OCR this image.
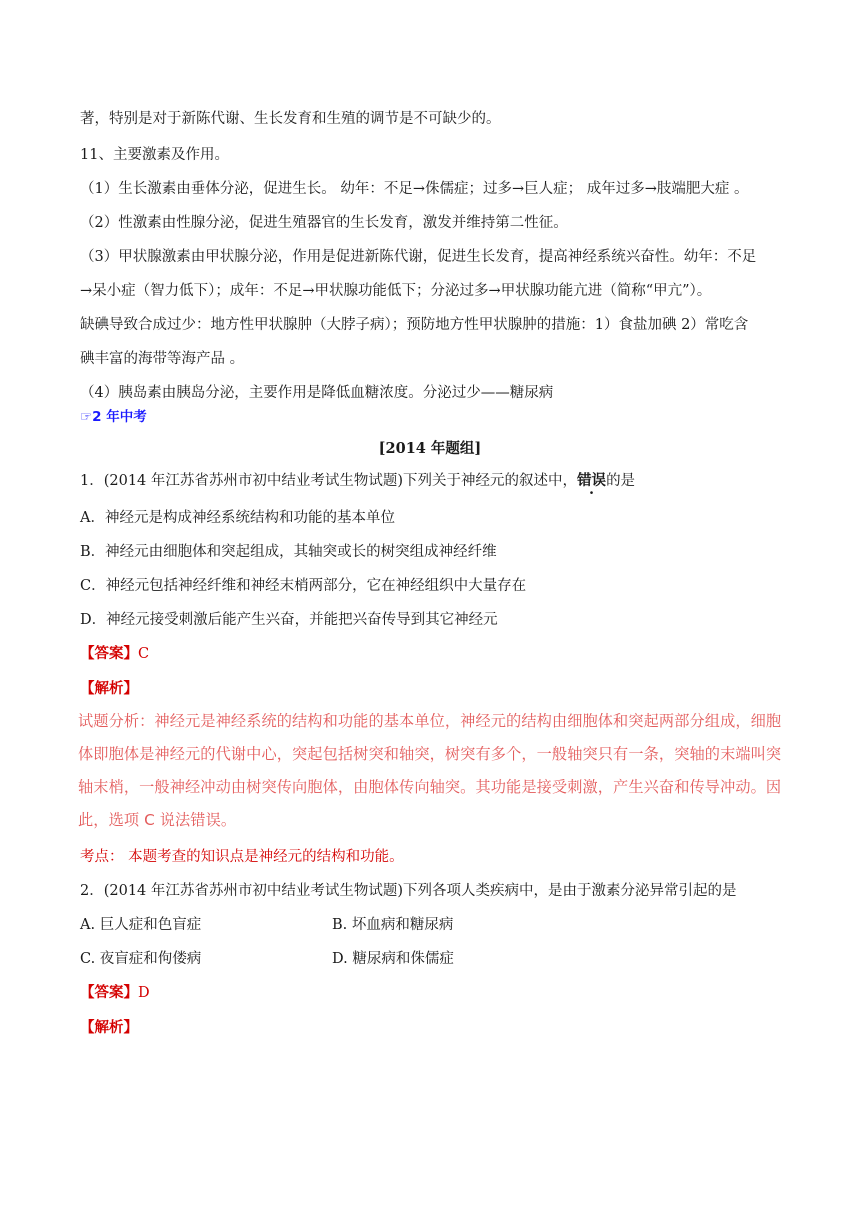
著，特别是对于新陈代谢、生长发育和生殖的调节是不可缺少的。
11、主要激素及作用。
（1）生长激素由垂体分泌，促进生长。 幼年：不足→侏儒症；过多→巨人症； 成年过多→肢端肥大症 。
（2）性激素由性腺分泌，促进生殖器官的生长发育，激发并维持第二性征。
（3）甲状腺激素由甲状腺分泌，作用是促进新陈代谢，促进生长发育，提高神经系统兴奋性。幼年：不足
→呆小症（智力低下）；成年：不足→甲状腺功能低下；分泌过多→甲状腺功能亢进（简称“甲亢”）。
缺碘导致合成过少：地方性甲状腺肿（大脖子病）；预防地方性甲状腺肿的措施：1）食盐加碘 2）常吃含
碘丰富的海带等海产品 。
（4）胰岛素由胰岛分泌，主要作用是降低血糖浓度。分泌过少——糖尿病
☞2 年中考
[2014 年题组]
1．(2014 年江苏省苏州市初中结业考试生物试题)下列关于神经元的叙述中，错误的是
A．神经元是构成神经系统结构和功能的基本单位
B．神经元由细胞体和突起组成，其轴突或长的树突组成神经纤维
C．神经元包括神经纤维和神经末梢两部分，它在神经组织中大量存在
D．神经元接受刺激后能产生兴奋，并能把兴奋传导到其它神经元
【答案】C
【解析】
试题分析：神经元是神经系统的结构和功能的基本单位，神经元的结构由细胞体和突起两部分组成，细胞
体即胞体是神经元的代谢中心，突起包括树突和轴突，树突有多个，一般轴突只有一条，突轴的末端叫突
轴末梢，一般神经冲动由树突传向胞体，由胞体传向轴突。其功能是接受刺激，产生兴奋和传导冲动。因
此，选项 C 说法错误。
考点： 本题考查的知识点是神经元的结构和功能。
2．(2014 年江苏省苏州市初中结业考试生物试题)下列各项人类疾病中，是由于激素分泌异常引起的是
A. 巨人症和色盲症	B. 坏血病和糖尿病
C. 夜盲症和佝偻病	D. 糖尿病和侏儒症
【答案】D
【解析】
